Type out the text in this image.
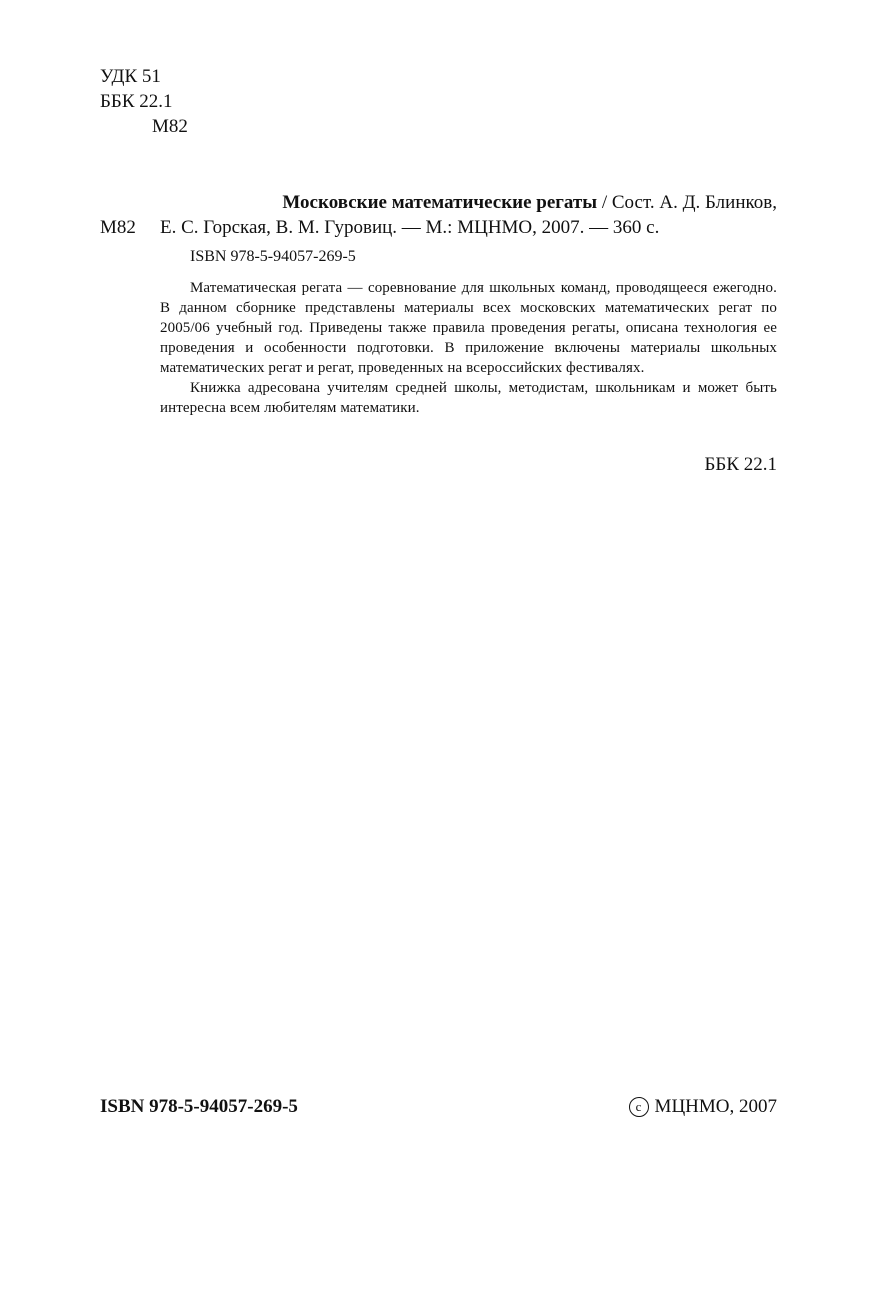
УДК 51
ББК 22.1
М82
М82
Московские математические регаты / Сост. А. Д. Блинков,
Е. С. Горская, В. М. Гуровиц. — М.: МЦНМО, 2007. — 360 с.
ISBN 978-5-94057-269-5

Математическая регата — соревнование для школьных команд, проводящееся ежегодно. В данном сборнике представлены материалы всех московских математических регат по 2005/06 учебный год. Приведены также правила проведения регаты, описана технология ее проведения и особенности подготовки. В приложение включены материалы школьных математических регат и регат, проведенных на всероссийских фестивалях.

Книжка адресована учителям средней школы, методистам, школьникам и может быть интересна всем любителям математики.

ББК 22.1
ISBN 978-5-94057-269-5	c МЦНМО, 2007
